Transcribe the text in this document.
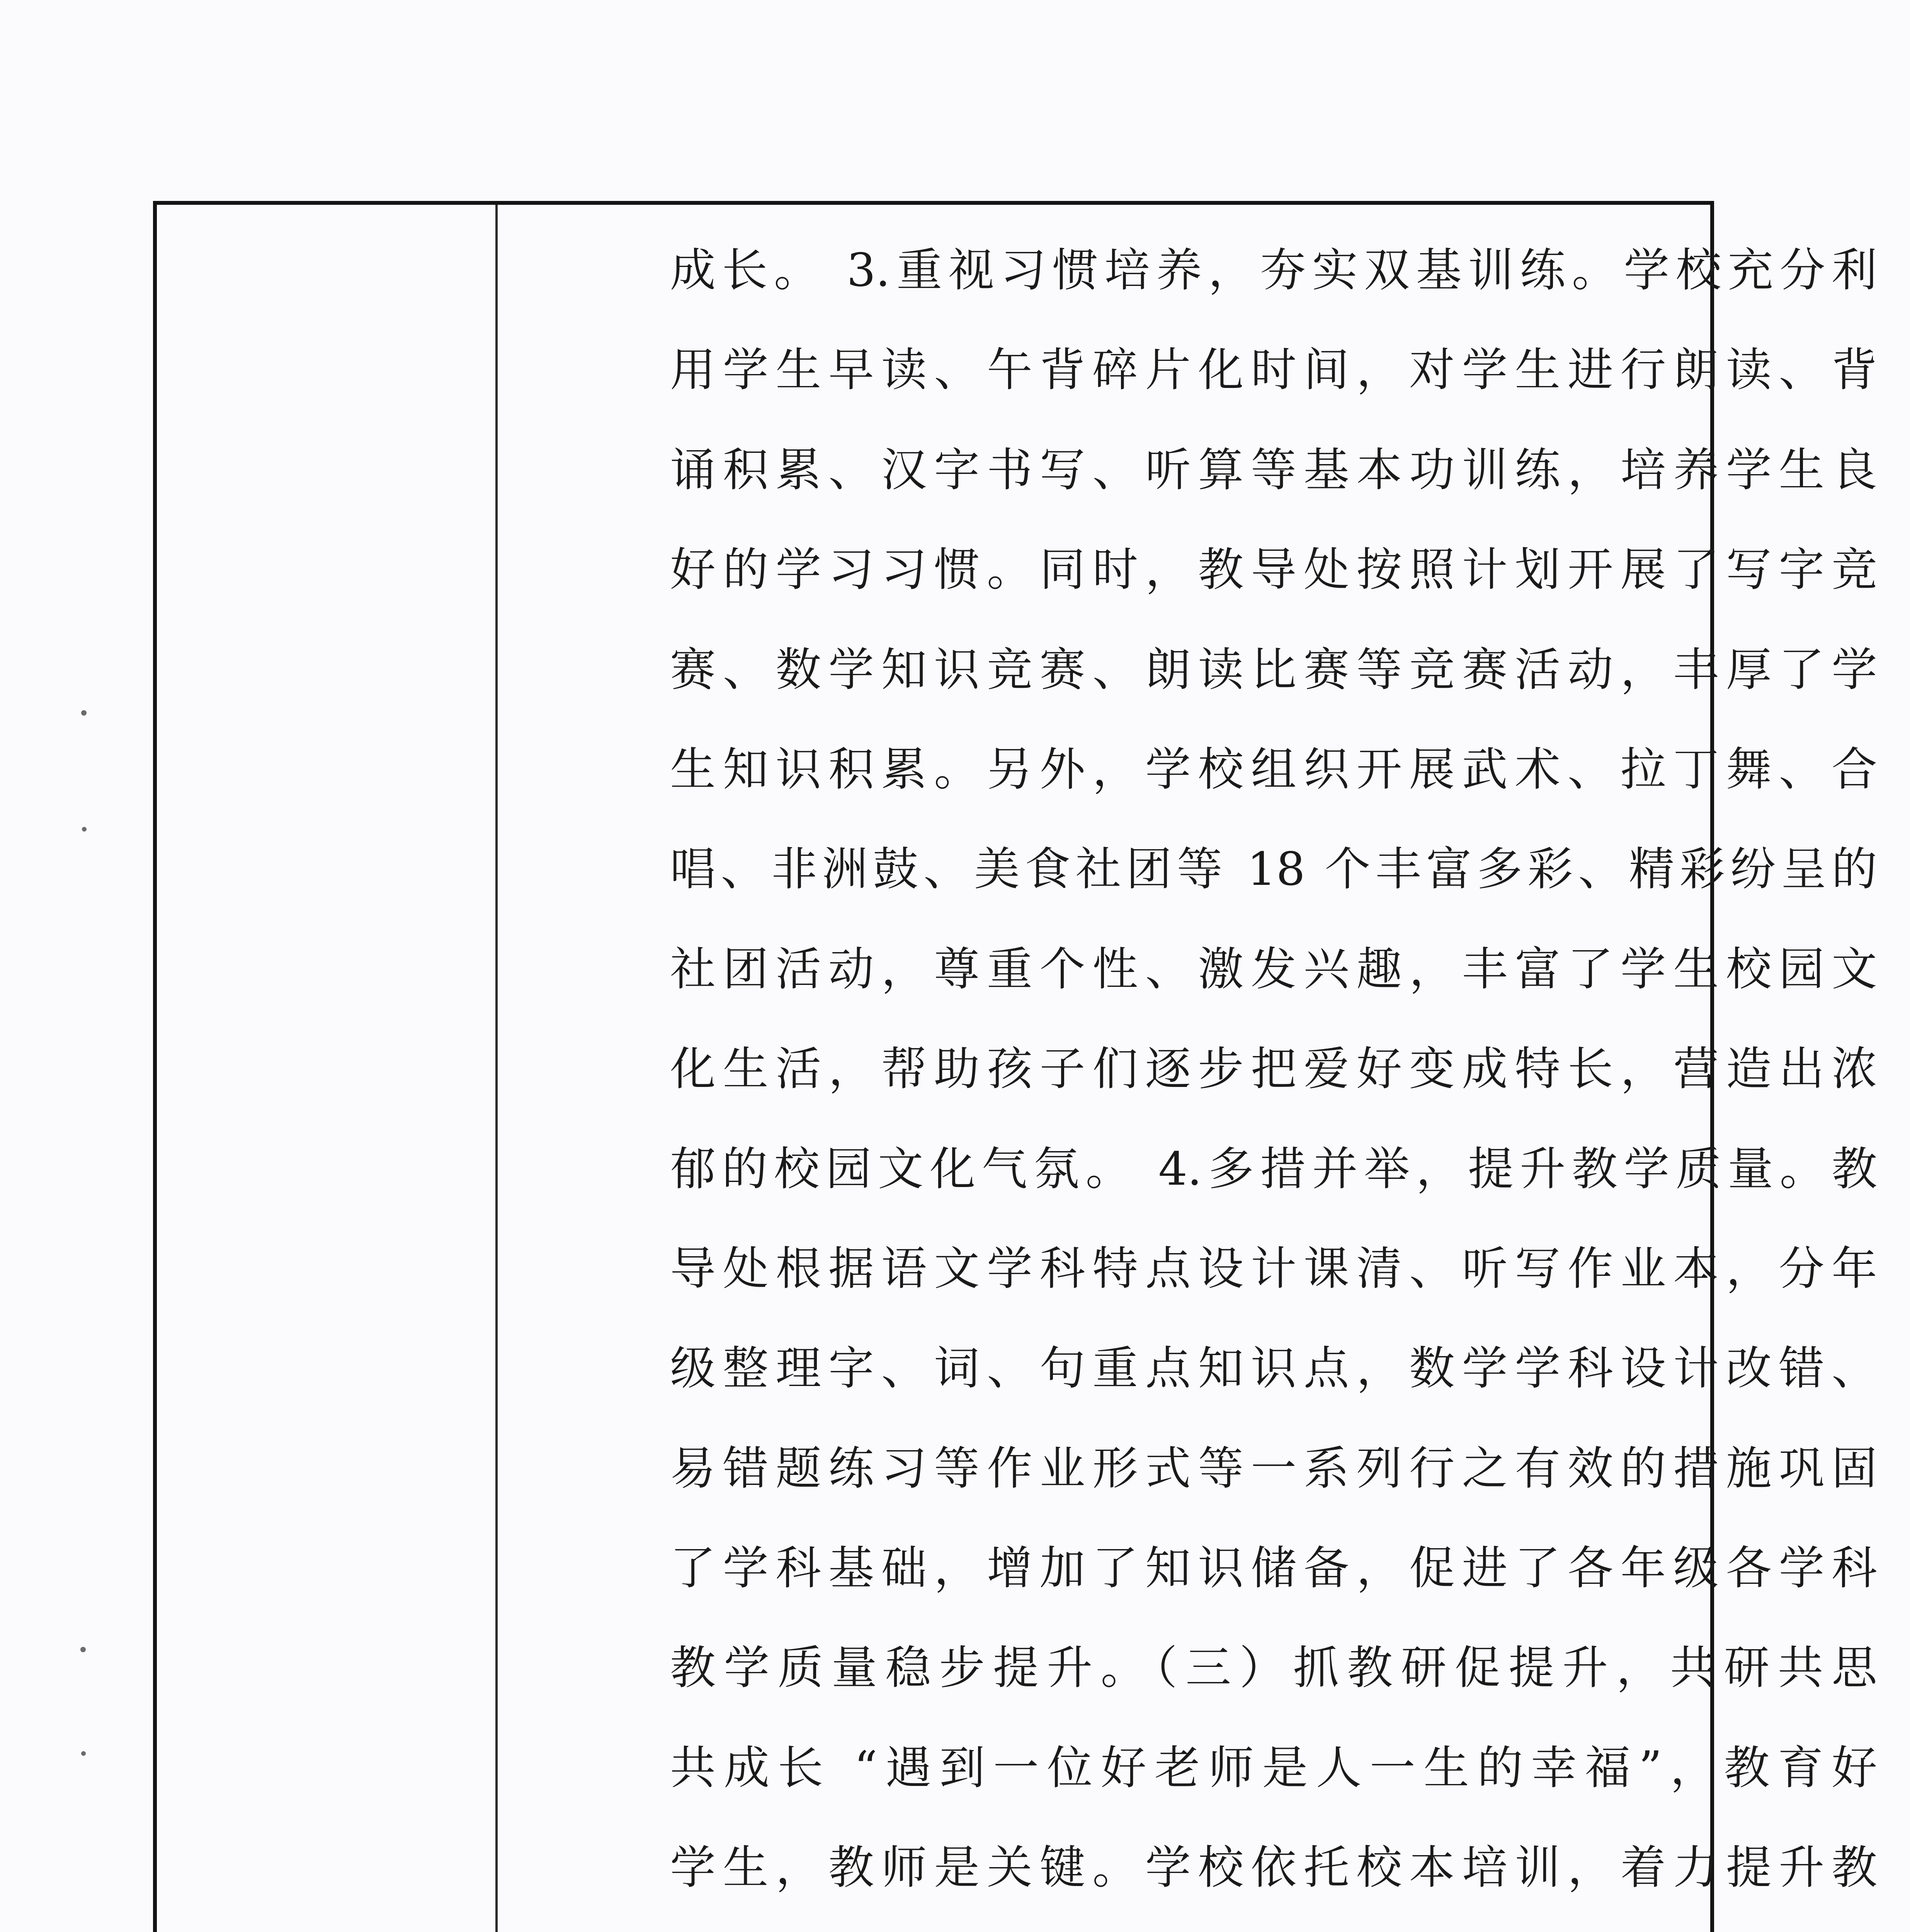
成长。 3.重视习惯培养，夯实双基训练。学校充分利
用学生早读、午背碎片化时间，对学生进行朗读、背
诵积累、汉字书写、听算等基本功训练，培养学生良
好的学习习惯。同时，教导处按照计划开展了写字竞
赛、数学知识竞赛、朗读比赛等竞赛活动，丰厚了学
生知识积累。另外，学校组织开展武术、拉丁舞、合
唱、非洲鼓、美食社团等 18 个丰富多彩、精彩纷呈的
社团活动，尊重个性、激发兴趣，丰富了学生校园文
化生活，帮助孩子们逐步把爱好变成特长，营造出浓
郁的校园文化气氛。 4.多措并举，提升教学质量。教
导处根据语文学科特点设计课清、听写作业本，分年
级整理字、词、句重点知识点，数学学科设计改错、
易错题练习等作业形式等一系列行之有效的措施巩固
了学科基础，增加了知识储备，促进了各年级各学科
教学质量稳步提升。（三）抓教研促提升，共研共思
共成长 “遇到一位好老师是人一生的幸福”，教育好
学生，教师是关键。学校依托校本培训，着力提升教
